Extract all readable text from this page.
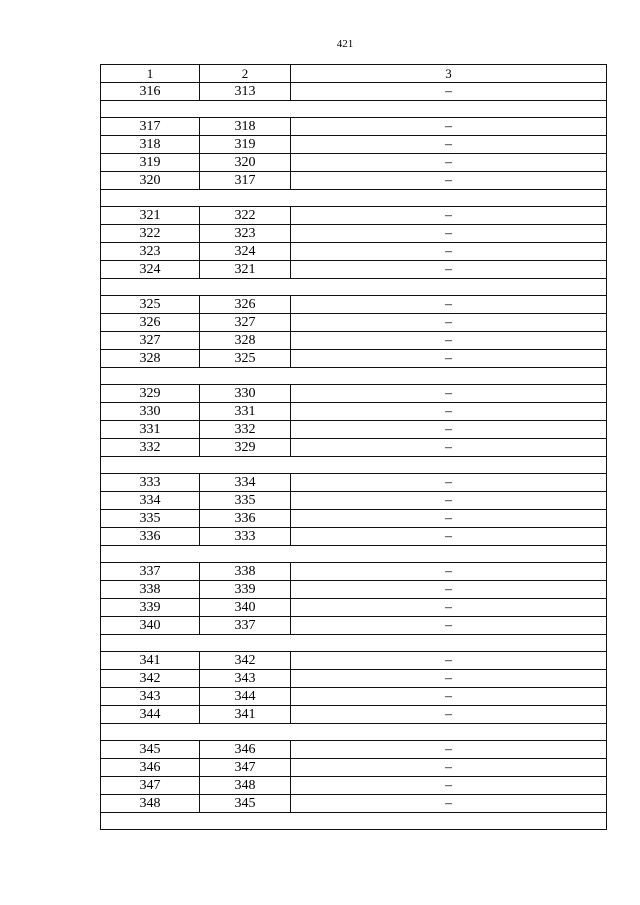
421
1	2	3
316	313	–

317	318	–
318	319	–
319	320	–
320	317	–

321	322	–
322	323	–
323	324	–
324	321	–

325	326	–
326	327	–
327	328	–
328	325	–

329	330	–
330	331	–
331	332	–
332	329	–

333	334	–
334	335	–
335	336	–
336	333	–

337	338	–
338	339	–
339	340	–
340	337	–

341	342	–
342	343	–
343	344	–
344	341	–

345	346	–
346	347	–
347	348	–
348	345	–
